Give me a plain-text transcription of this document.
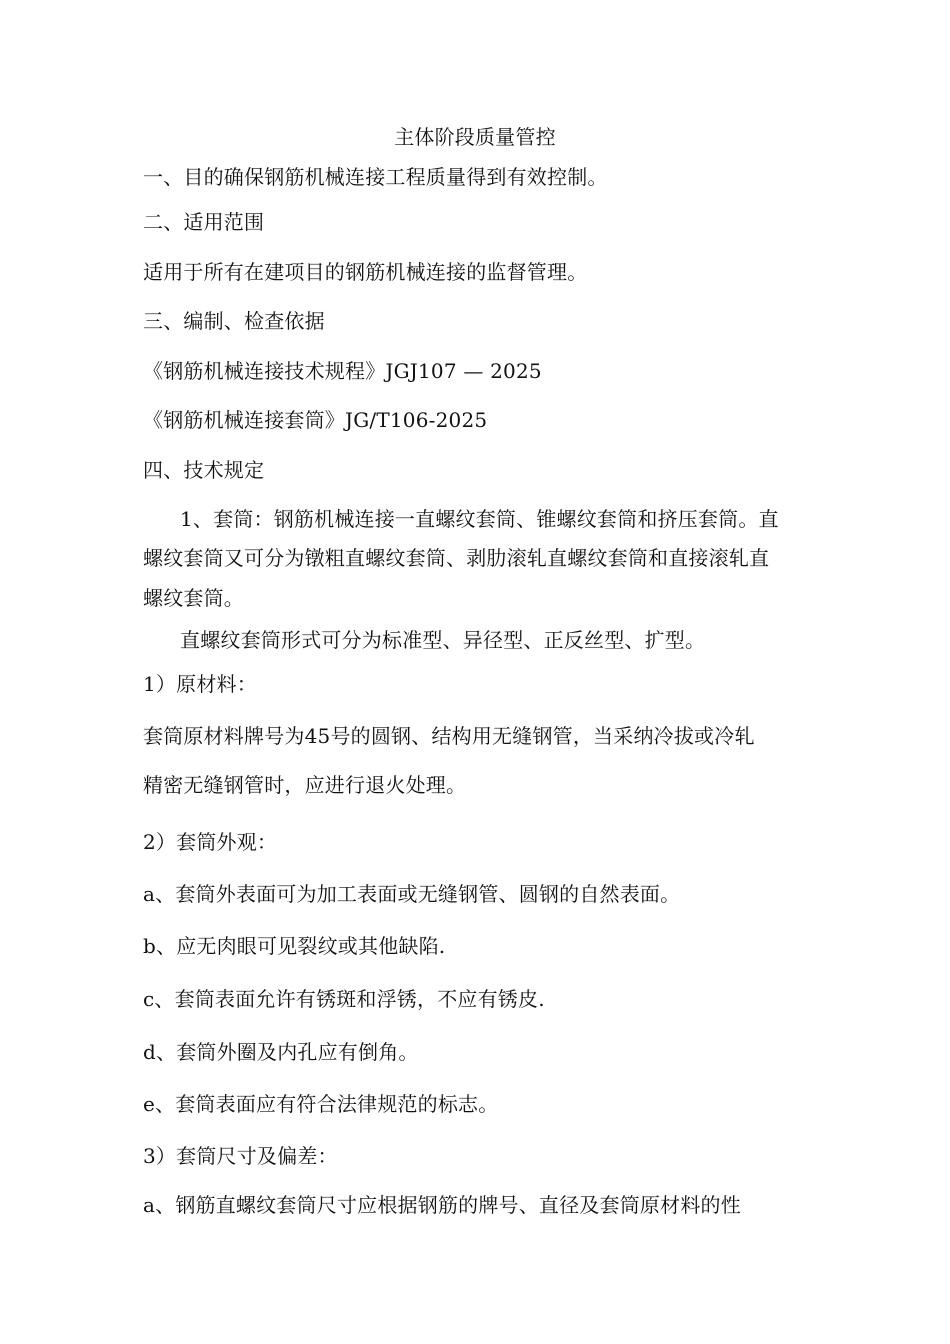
主体阶段质量管控
一、目的确保钢筋机械连接工程质量得到有效控制。
二、适用范围
适用于所有在建项目的钢筋机械连接的监督管理。
三、编制、检查依据
《钢筋机械连接技术规程》JGJ107 — 2025
《钢筋机械连接套筒》JG/T106-2025
四、技术规定
1、套筒：钢筋机械连接一直螺纹套筒、锥螺纹套筒和挤压套筒。直
螺纹套筒又可分为镦粗直螺纹套筒、剥肋滚轧直螺纹套筒和直接滚轧直
螺纹套筒。
直螺纹套筒形式可分为标准型、异径型、正反丝型、扩型。
1）原材料：
套筒原材料牌号为45号的圆钢、结构用无缝钢管，当采纳冷拔或冷轧
精密无缝钢管时，应进行退火处理。
2）套筒外观：
a、套筒外表面可为加工表面或无缝钢管、圆钢的自然表面。
b、应无肉眼可见裂纹或其他缺陷.
c、套筒表面允许有锈斑和浮锈，不应有锈皮.
d、套筒外圈及内孔应有倒角。
e、套筒表面应有符合法律规范的标志。
3）套筒尺寸及偏差：
a、钢筋直螺纹套筒尺寸应根据钢筋的牌号、直径及套筒原材料的性
